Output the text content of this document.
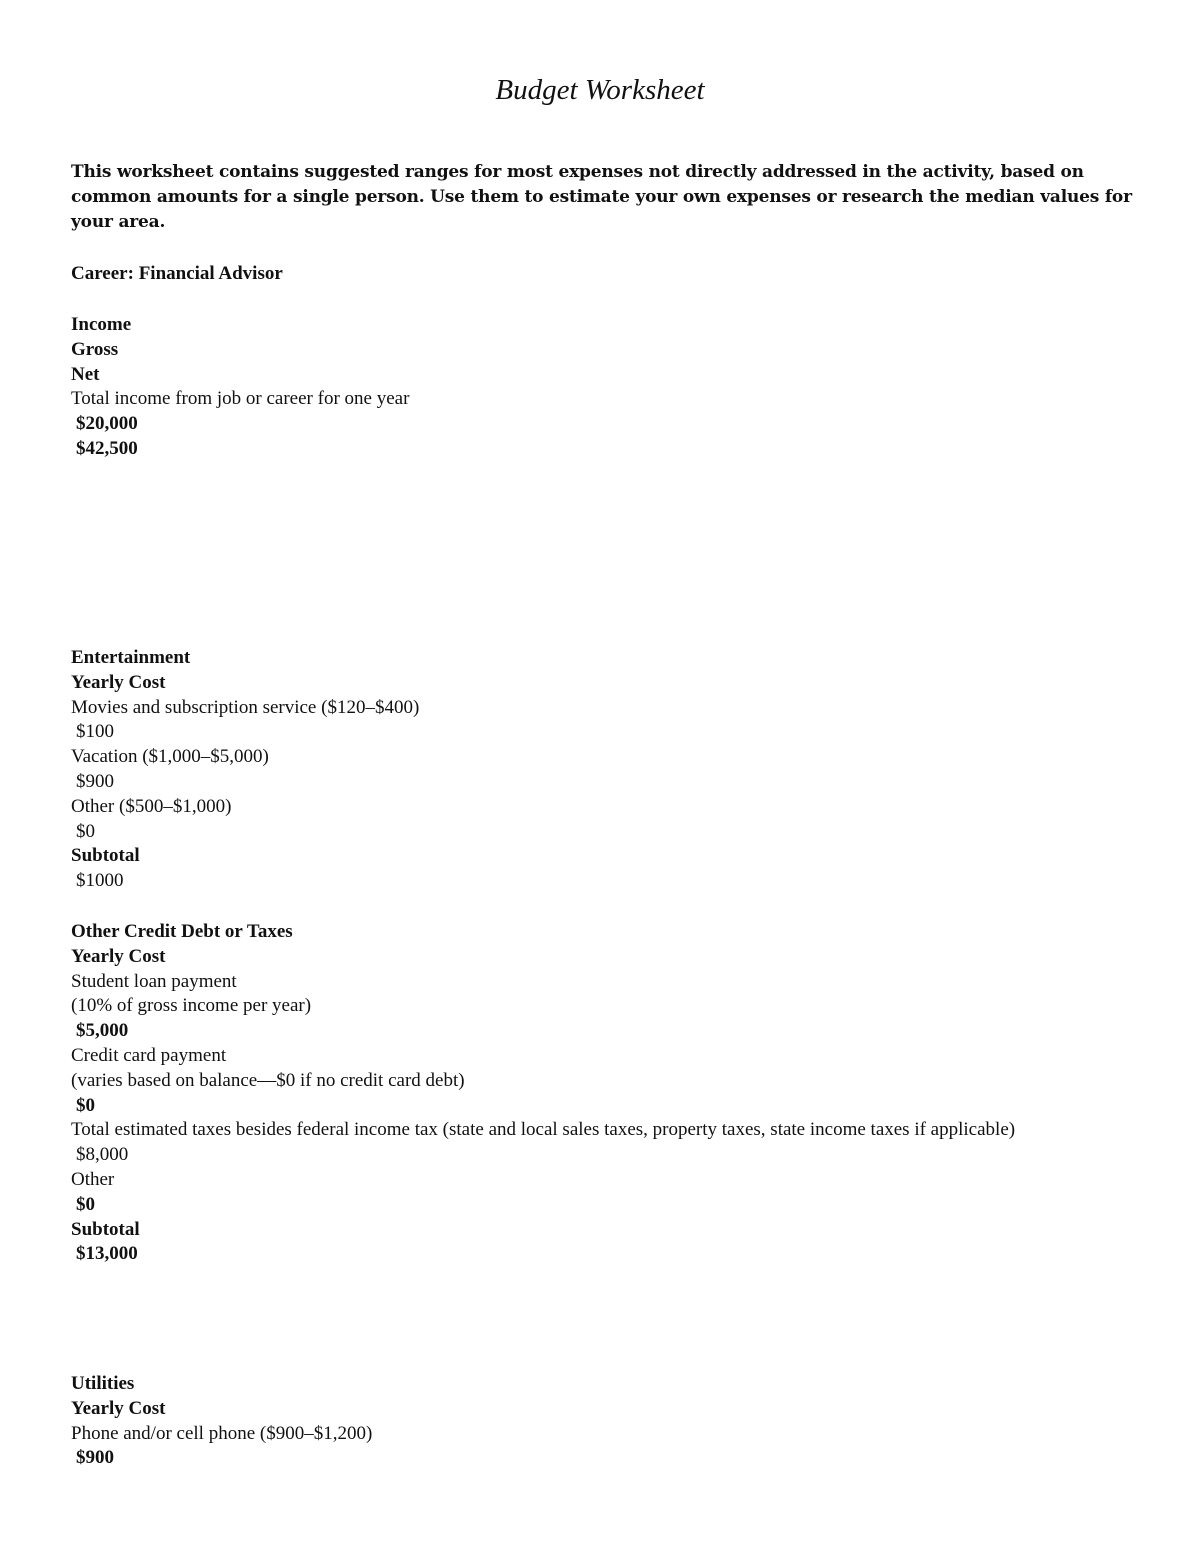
Budget Worksheet

This worksheet contains suggested ranges for most expenses not directly addressed in the activity, based on common amounts for a single person. Use them to estimate your own expenses or research the median values for your area.

Career: Financial Advisor
Income
Gross
Net
Total income from job or career for one year
$20,000
$42,500
Entertainment
Yearly Cost
Movies and subscription service ($120–$400)
$100
Vacation ($1,000–$5,000)
$900
Other ($500–$1,000)
$0
Subtotal
$1000
Other Credit Debt or Taxes
Yearly Cost
Student loan payment
(10% of gross income per year)
$5,000
Credit card payment
(varies based on balance—$0 if no credit card debt)
$0
Total estimated taxes besides federal income tax (state and local sales taxes, property taxes, state income taxes if applicable)
$8,000
Other
$0
Subtotal
$13,000
Utilities
Yearly Cost
Phone and/or cell phone ($900–$1,200)
$900
